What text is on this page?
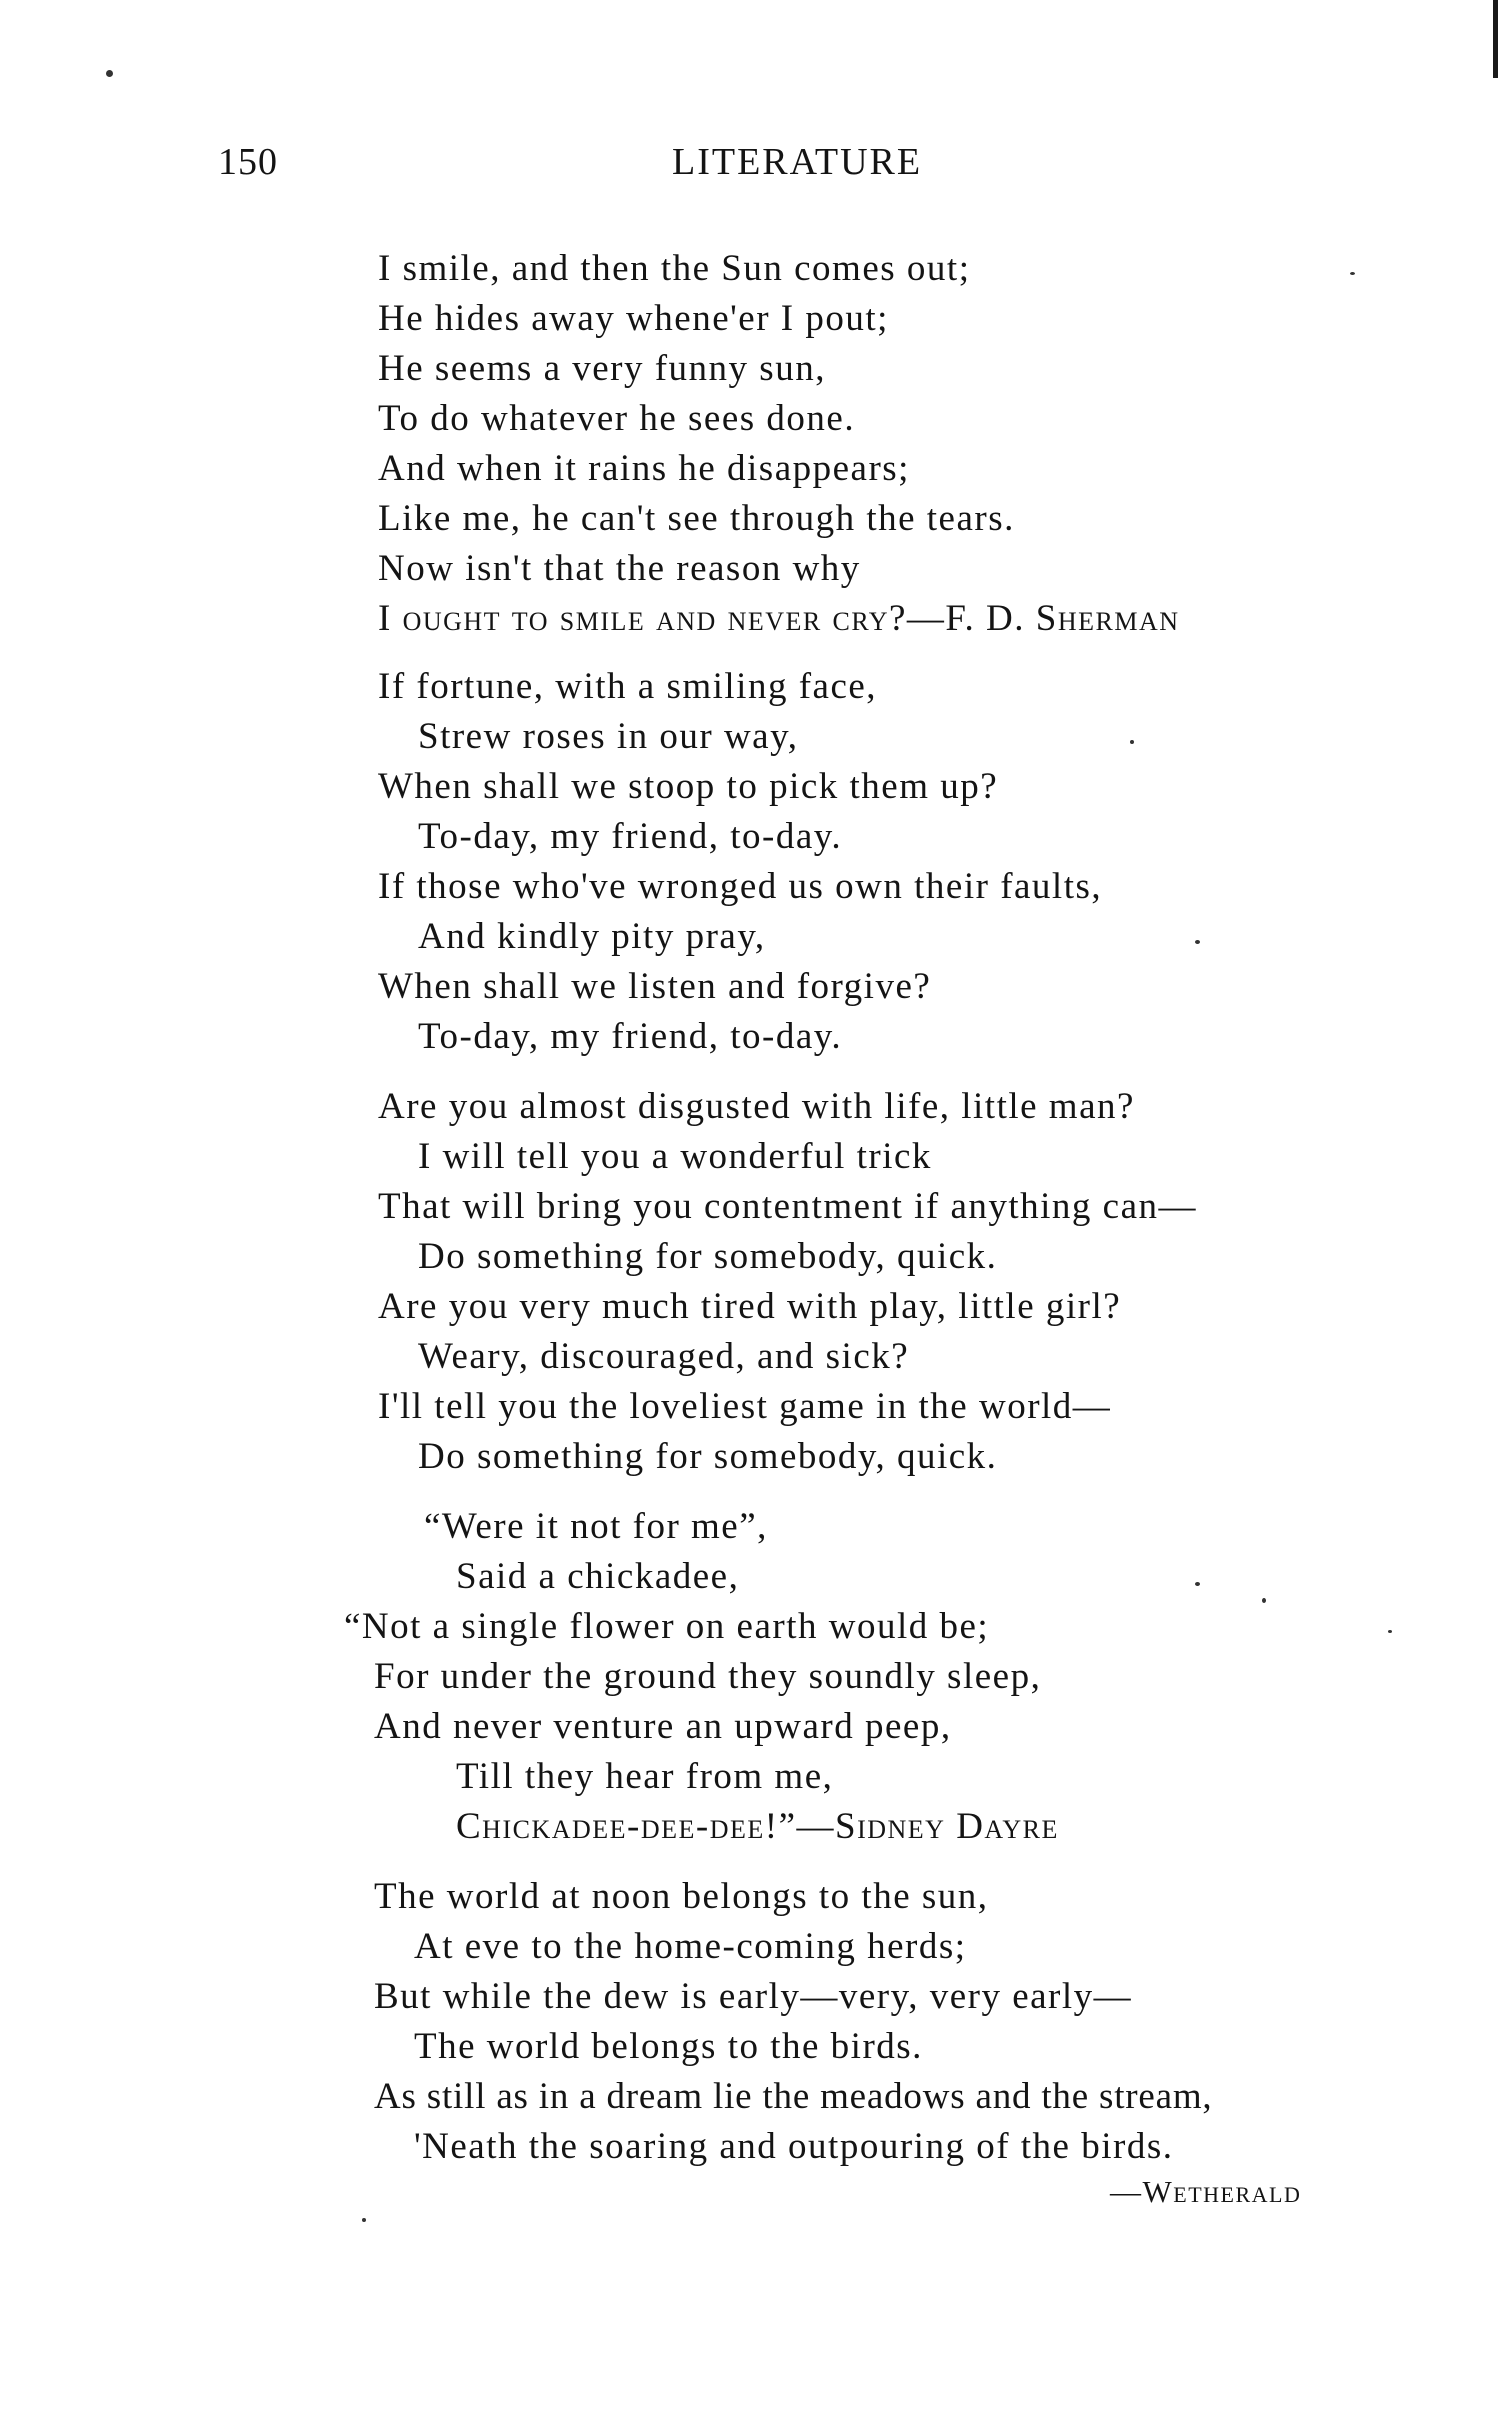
150	LITERATURE
I smile, and then the Sun comes out;
He hides away whene'er I pout;
He seems a very funny sun,
To do whatever he sees done.
And when it rains he disappears;
Like me, he can't see through the tears.
Now isn't that the reason why
I ought to smile and never cry?—F. D. Sherman
If fortune, with a smiling face,
Strew roses in our way,
When shall we stoop to pick them up?
To-day, my friend, to-day.
If those who've wronged us own their faults,
And kindly pity pray,
When shall we listen and forgive?
To-day, my friend, to-day.
Are you almost disgusted with life, little man?
I will tell you a wonderful trick
That will bring you contentment if anything can—
Do something for somebody, quick.
Are you very much tired with play, little girl?
Weary, discouraged, and sick?
I'll tell you the loveliest game in the world—
Do something for somebody, quick.
“Were it not for me”,
Said a chickadee,
“Not a single flower on earth would be;
For under the ground they soundly sleep,
And never venture an upward peep,
Till they hear from me,
Chickadee-dee-dee!”—Sidney Dayre
The world at noon belongs to the sun,
At eve to the home-coming herds;
But while the dew is early—very, very early—
The world belongs to the birds.
As still as in a dream lie the meadows and the stream,
'Neath the soaring and outpouring of the birds.
—Wetherald
